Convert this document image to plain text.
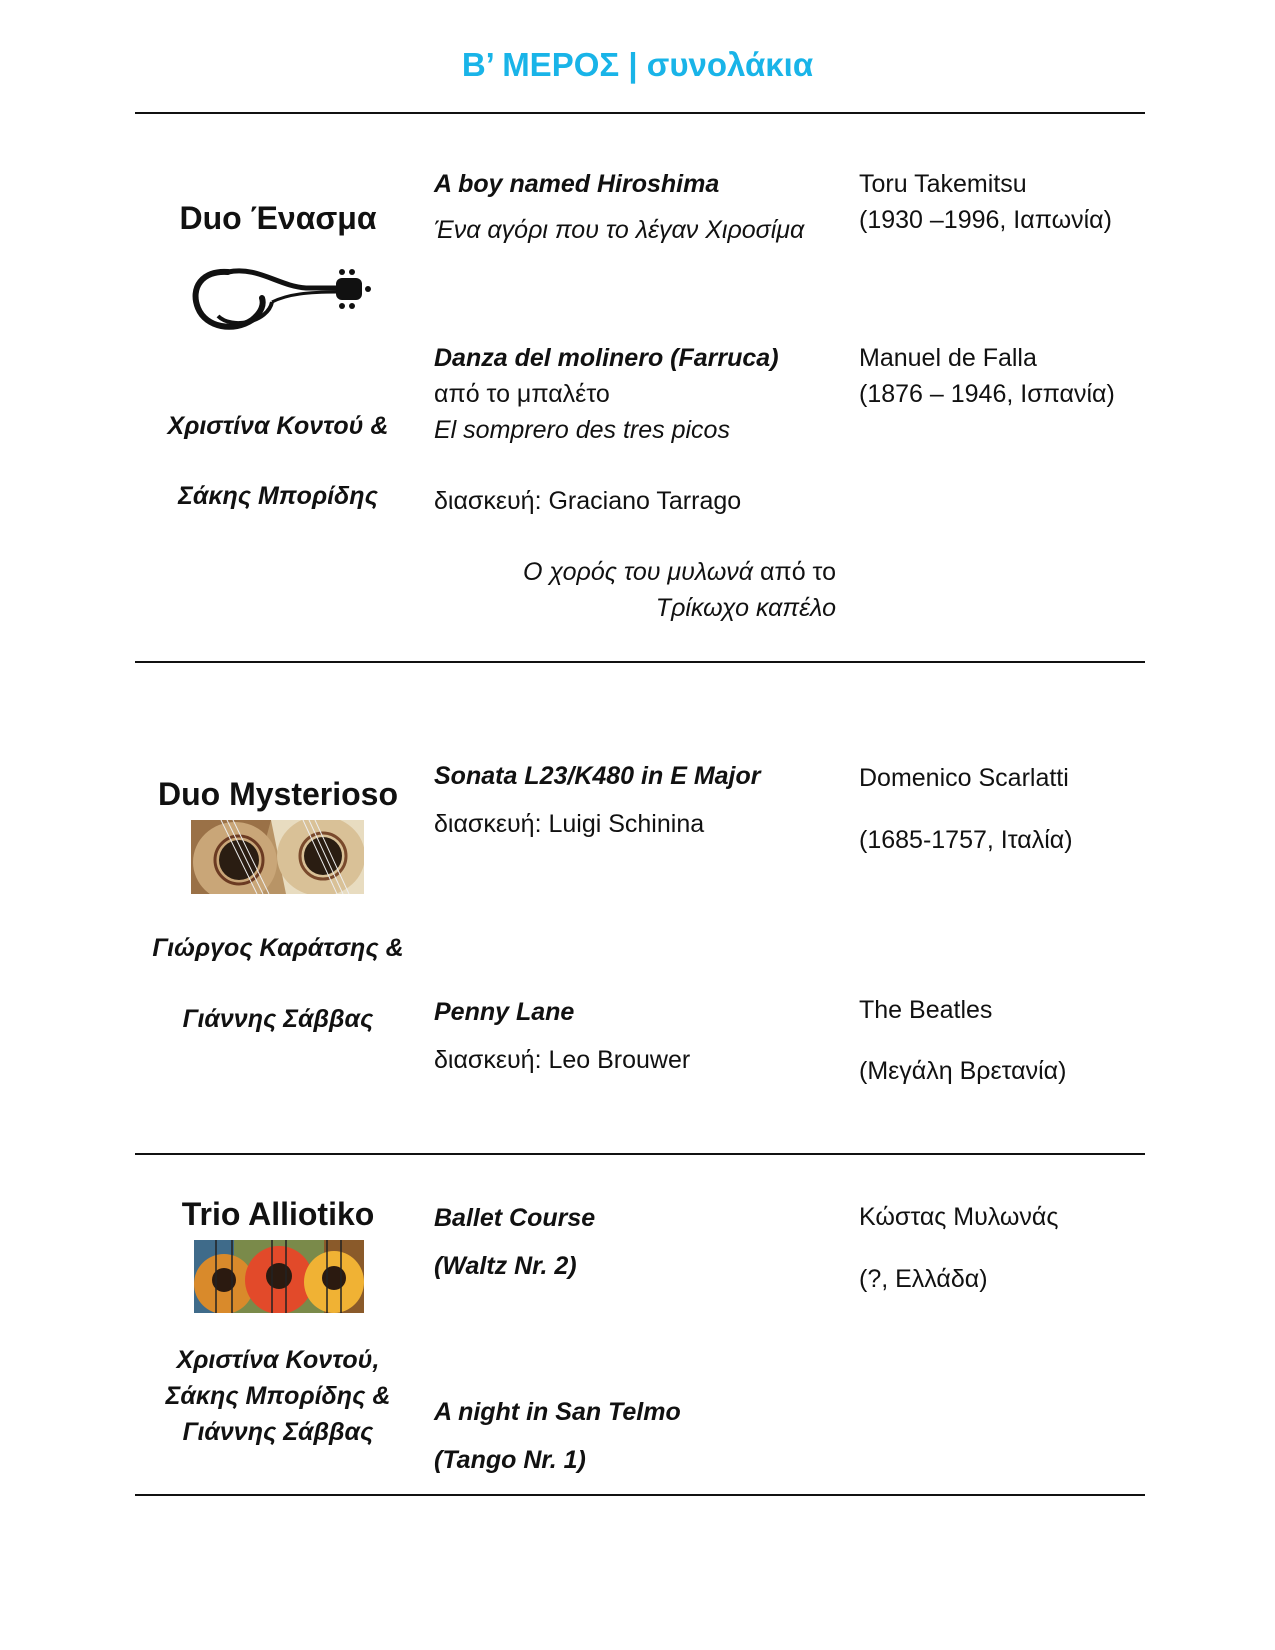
Β’ ΜΕΡΟΣ | συνολάκια
Duo Ένασμα
Χριστίνα Κοντού &
Σάκης Μπορίδης
A boy named Hiroshima
Ένα αγόρι που το λέγαν Χιροσίμα
Toru Takemitsu
(1930 –1996, Ιαπωνία)
Danza del molinero (Farruca)
από το μπαλέτο
El somprero des tres picos
διασκευή: Graciano Tarrago
Ο χορός του μυλωνά από το
Τρίκωχο καπέλο
Manuel de Falla
(1876 – 1946, Ισπανία)
Duo Mysterioso
Γιώργος Καράτσης &
Γιάννης Σάββας
Sonata L23/K480 in E Major
διασκευή: Luigi Schinina
Domenico Scarlatti
(1685-1757, Ιταλία)
Penny Lane
διασκευή: Leo Brouwer
The Beatles
(Μεγάλη Βρετανία)
Trio Alliotiko
Χριστίνα Κοντού,
Σάκης Μπορίδης &
Γιάννης Σάββας
Ballet Course
(Waltz Nr. 2)
Κώστας Μυλωνάς
(?, Ελλάδα)
A night in San Telmo
(Tango Nr. 1)
